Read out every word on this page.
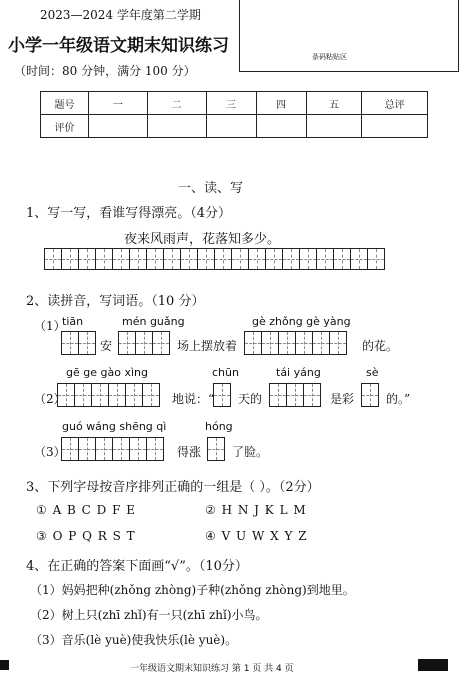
2023—2024 学年度第二学期
小学一年级语文期末知识练习
（时间：80 分钟，满分 100 分）
条码粘贴区
题号	一	二	三	四	五	总评
评价						
一、读、写
1、写一写，看谁写得漂亮。（4分）
夜来风雨声，花落知多少。
2、读拼音，写词语。（10 分）
tiān	mén guǎng	gè zhǒng gè yàng
（1）
安	场上摆放着	的花。
gē ge gào xìng	chūn	tái yáng	sè
（2）	地说：“ 天的	是彩	的。”
guó wáng shēng qì	hóng
（3）	得涨	了脸。
3、下列字母按音序排列正确的一组是（ ）。（2分）
① A B C D F E	② H N J K L M
③ O P Q R S T	④ V U W X Y Z
4、在正确的答案下面画“√”。（10分）
（1）妈妈把种(zhǒng zhòng)子种(zhǒng zhòng)到地里。
（2）树上只(zhī zhǐ)有一只(zhī zhǐ)小鸟。
（3）音乐(lè yuè)使我快乐(lè yuè)。
一年级语文期末知识练习 第 1 页 共 4 页
